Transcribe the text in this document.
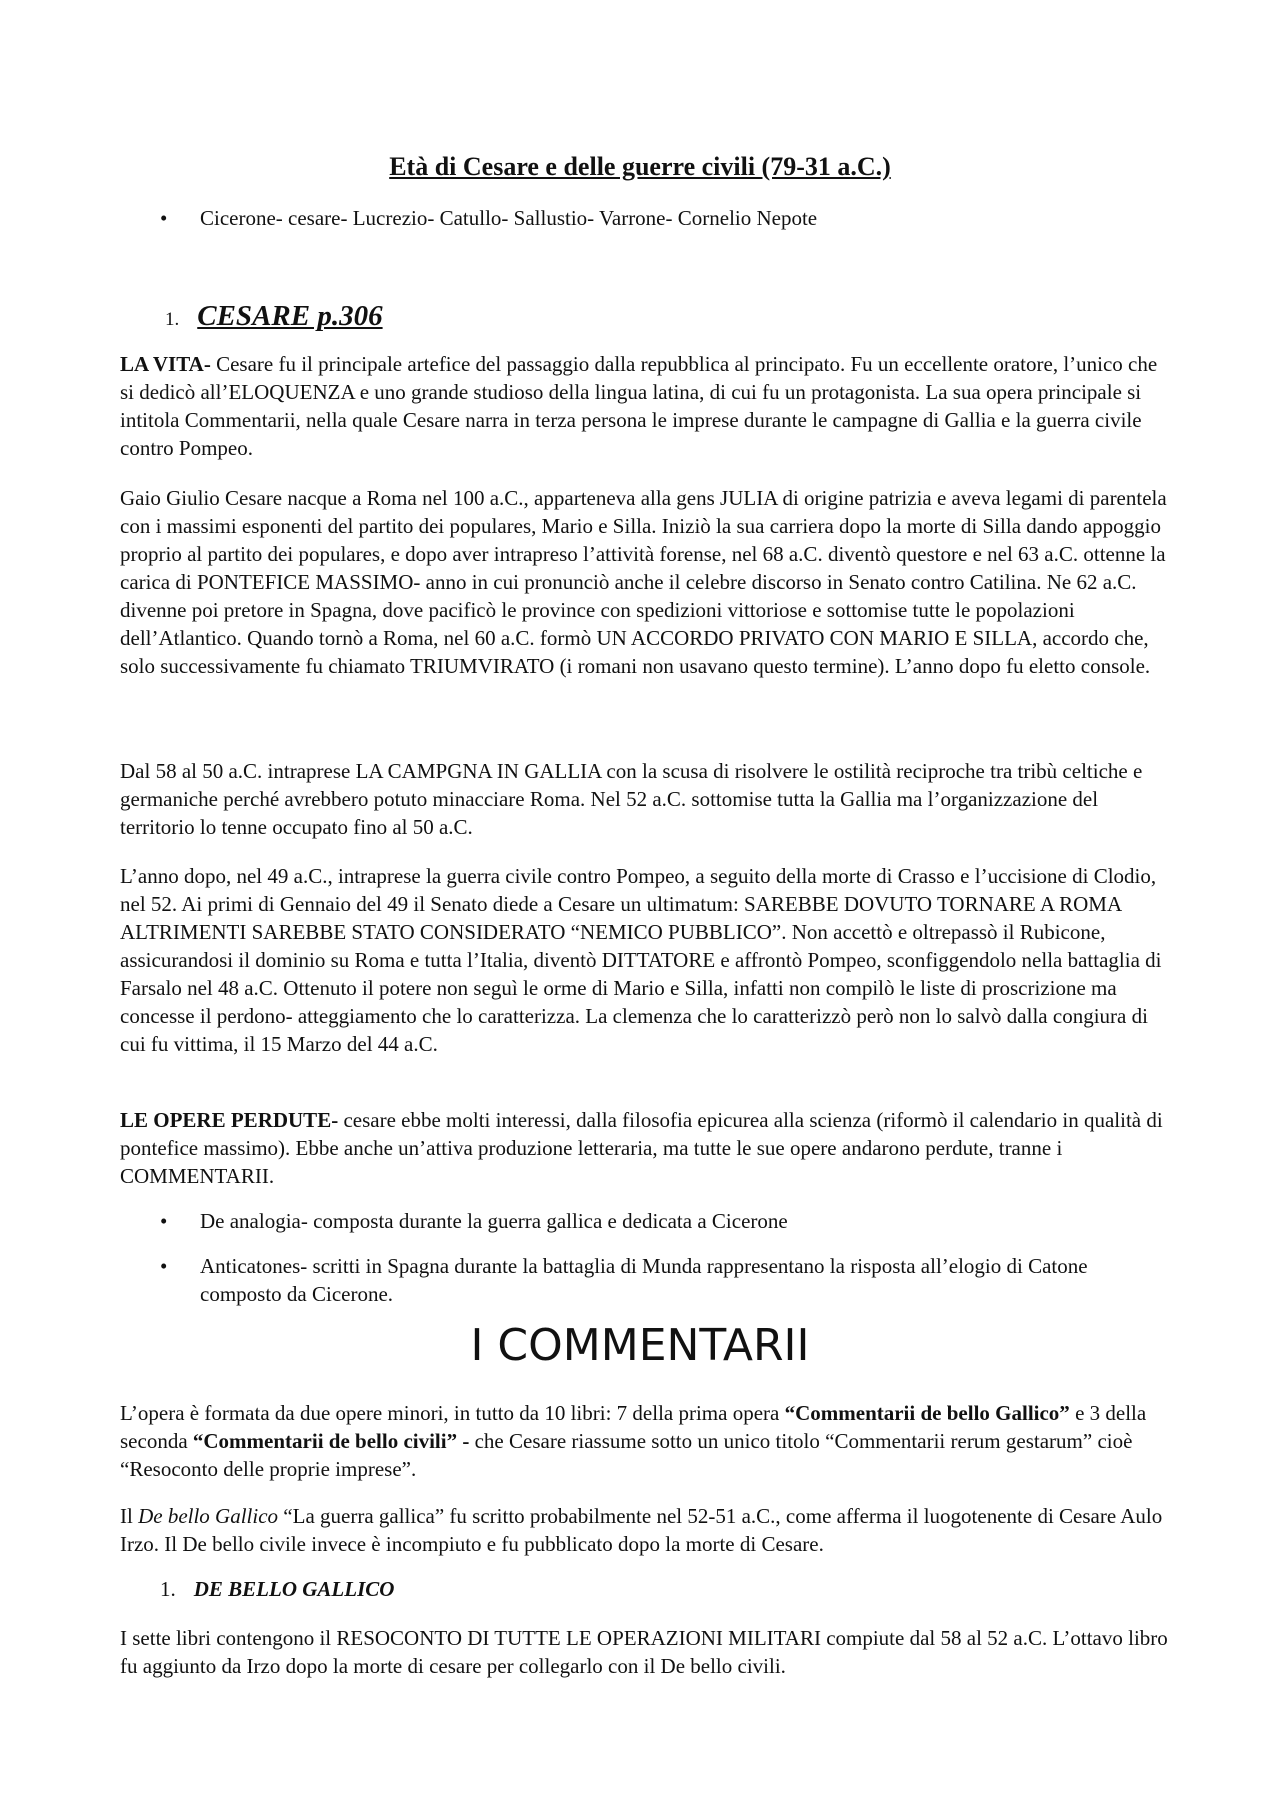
Età di Cesare e delle guerre civili (79-31 a.C.)
• Cicerone- cesare- Lucrezio- Catullo- Sallustio- Varrone- Cornelio Nepote
1. CESARE p.306

LA VITA- Cesare fu il principale artefice del passaggio dalla repubblica al principato. Fu un eccellente oratore, l’unico che si dedicò all’ELOQUENZA e uno grande studioso della lingua latina, di cui fu un protagonista. La sua opera principale si intitola Commentarii, nella quale Cesare narra in terza persona le imprese durante le campagne di Gallia e la guerra civile contro Pompeo.

Gaio Giulio Cesare nacque a Roma nel 100 a.C., apparteneva alla gens JULIA di origine patrizia e aveva legami di parentela con i massimi esponenti del partito dei populares, Mario e Silla. Iniziò la sua carriera dopo la morte di Silla dando appoggio proprio al partito dei populares, e dopo aver intrapreso l’attività forense, nel 68 a.C. diventò questore e nel 63 a.C. ottenne la carica di PONTEFICE MASSIMO- anno in cui pronunciò anche il celebre discorso in Senato contro Catilina. Ne 62 a.C. divenne poi pretore in Spagna, dove pacificò le province con spedizioni vittoriose e sottomise tutte le popolazioni dell’Atlantico. Quando tornò a Roma, nel 60 a.C. formò UN ACCORDO PRIVATO CON MARIO E SILLA, accordo che, solo successivamente fu chiamato TRIUMVIRATO (i romani non usavano questo termine). L’anno dopo fu eletto console.

Dal 58 al 50 a.C. intraprese LA CAMPGNA IN GALLIA con la scusa di risolvere le ostilità reciproche tra tribù celtiche e germaniche perché avrebbero potuto minacciare Roma. Nel 52 a.C. sottomise tutta la Gallia ma l’organizzazione del territorio lo tenne occupato fino al 50 a.C.

L’anno dopo, nel 49 a.C., intraprese la guerra civile contro Pompeo, a seguito della morte di Crasso e l’uccisione di Clodio, nel 52. Ai primi di Gennaio del 49 il Senato diede a Cesare un ultimatum: SAREBBE DOVUTO TORNARE A ROMA ALTRIMENTI SAREBBE STATO CONSIDERATO “NEMICO PUBBLICO”. Non accettò e oltrepassò il Rubicone, assicurandosi il dominio su Roma e tutta l’Italia, diventò DITTATORE e affrontò Pompeo, sconfiggendolo nella battaglia di Farsalo nel 48 a.C. Ottenuto il potere non seguì le orme di Mario e Silla, infatti non compilò le liste di proscrizione ma concesse il perdono- atteggiamento che lo caratterizza. La clemenza che lo caratterizzò però non lo salvò dalla congiura di cui fu vittima, il 15 Marzo del 44 a.C.

LE OPERE PERDUTE- cesare ebbe molti interessi, dalla filosofia epicurea alla scienza (riformò il calendario in qualità di pontefice massimo). Ebbe anche un’attiva produzione letteraria, ma tutte le sue opere andarono perdute, tranne i COMMENTARII.

• De analogia- composta durante la guerra gallica e dedicata a Cicerone
• Anticatones- scritti in Spagna durante la battaglia di Munda rappresentano la risposta all’elogio di Catone composto da Cicerone.
I COMMENTARII

L’opera è formata da due opere minori, in tutto da 10 libri: 7 della prima opera “Commentarii de bello Gallico” e 3 della seconda “Commentarii de bello civili” - che Cesare riassume sotto un unico titolo “Commentarii rerum gestarum” cioè “Resoconto delle proprie imprese”.

Il De bello Gallico “La guerra gallica” fu scritto probabilmente nel 52-51 a.C., come afferma il luogotenente di Cesare Aulo Irzo. Il De bello civile invece è incompiuto e fu pubblicato dopo la morte di Cesare.

1. DE BELLO GALLICO

I sette libri contengono il RESOCONTO DI TUTTE LE OPERAZIONI MILITARI compiute dal 58 al 52 a.C. L’ottavo libro fu aggiunto da Irzo dopo la morte di cesare per collegarlo con il De bello civili.
